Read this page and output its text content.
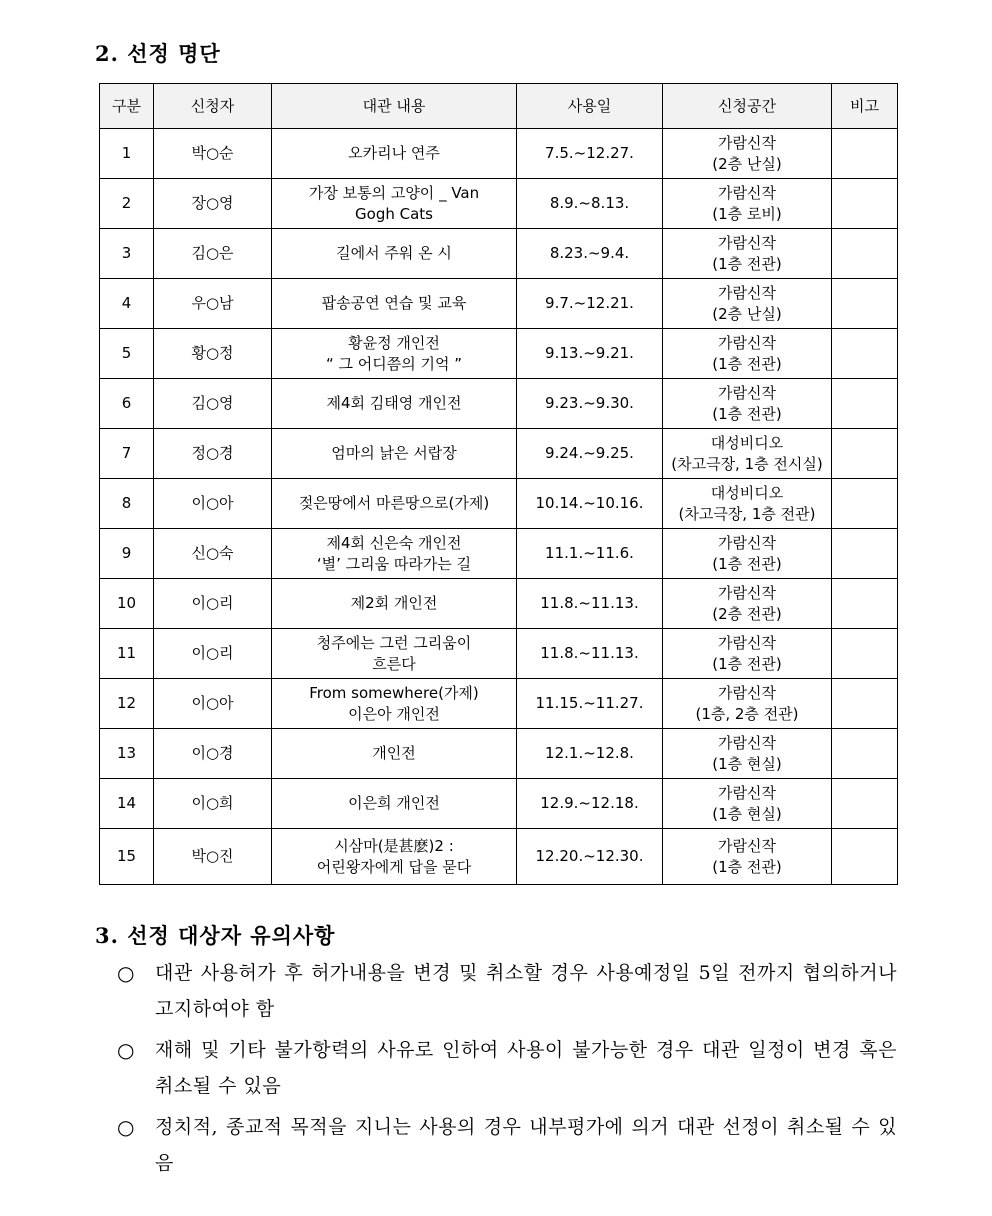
2. 선정 명단
구분	신청자	대관 내용	사용일	신청공간	비고
1	박○순	오카리나 연주	7.5.~12.27.	가람신작
(2층 난실)	

2	장○영	가장 보통의 고양이 _ Van
Gogh Cats	8.9.~8.13.	가람신작
(1층 로비)	

3	김○은	길에서 주워 온 시	8.23.~9.4.	가람신작
(1층 전관)	

4	우○남	팝송공연 연습 및 교육	9.7.~12.21.	가람신작
(2층 난실)	

5	황○정	황윤정 개인전
“ 그 어디쯤의 기억 ”	9.13.~9.21.	가람신작
(1층 전관)	

6	김○영	제4회 김태영 개인전	9.23.~9.30.	가람신작
(1층 전관)	

7	정○경	엄마의 낡은 서랍장	9.24.~9.25.	대성비디오
(차고극장, 1층 전시실)	

8	이○아	젖은땅에서 마른땅으로(가제)	10.14.~10.16.	대성비디오
(차고극장, 1층 전관)	

9	신○숙	제4회 신은숙 개인전
‘별’ 그리움 따라가는 길	11.1.~11.6.	가람신작
(1층 전관)	

10	이○리	제2회 개인전	11.8.~11.13.	가람신작
(2층 전관)	

11	이○리	청주에는 그런 그리움이
흐른다	11.8.~11.13.	가람신작
(1층 전관)	

12	이○아	From somewhere(가제)
이은아 개인전	11.15.~11.27.	가람신작
(1층, 2층 전관)	

13	이○경	개인전	12.1.~12.8.	가람신작
(1층 현실)	

14	이○희	이은희 개인전	12.9.~12.18.	가람신작
(1층 현실)	

15	박○진	시삼마(是甚麽)2 :
어린왕자에게 답을 묻다	12.20.~12.30.	가람신작
(1층 전관)	

3. 선정 대상자 유의사항
○	대관 사용허가 후 허가내용을 변경 및 취소할 경우 사용예정일 5일 전까지 협의하거나 고지하여야 함
○	재해 및 기타 불가항력의 사유로 인하여 사용이 불가능한 경우 대관 일정이 변경 혹은 취소될 수 있음
○	정치적, 종교적 목적을 지니는 사용의 경우 내부평가에 의거 대관 선정이 취소될 수 있음
